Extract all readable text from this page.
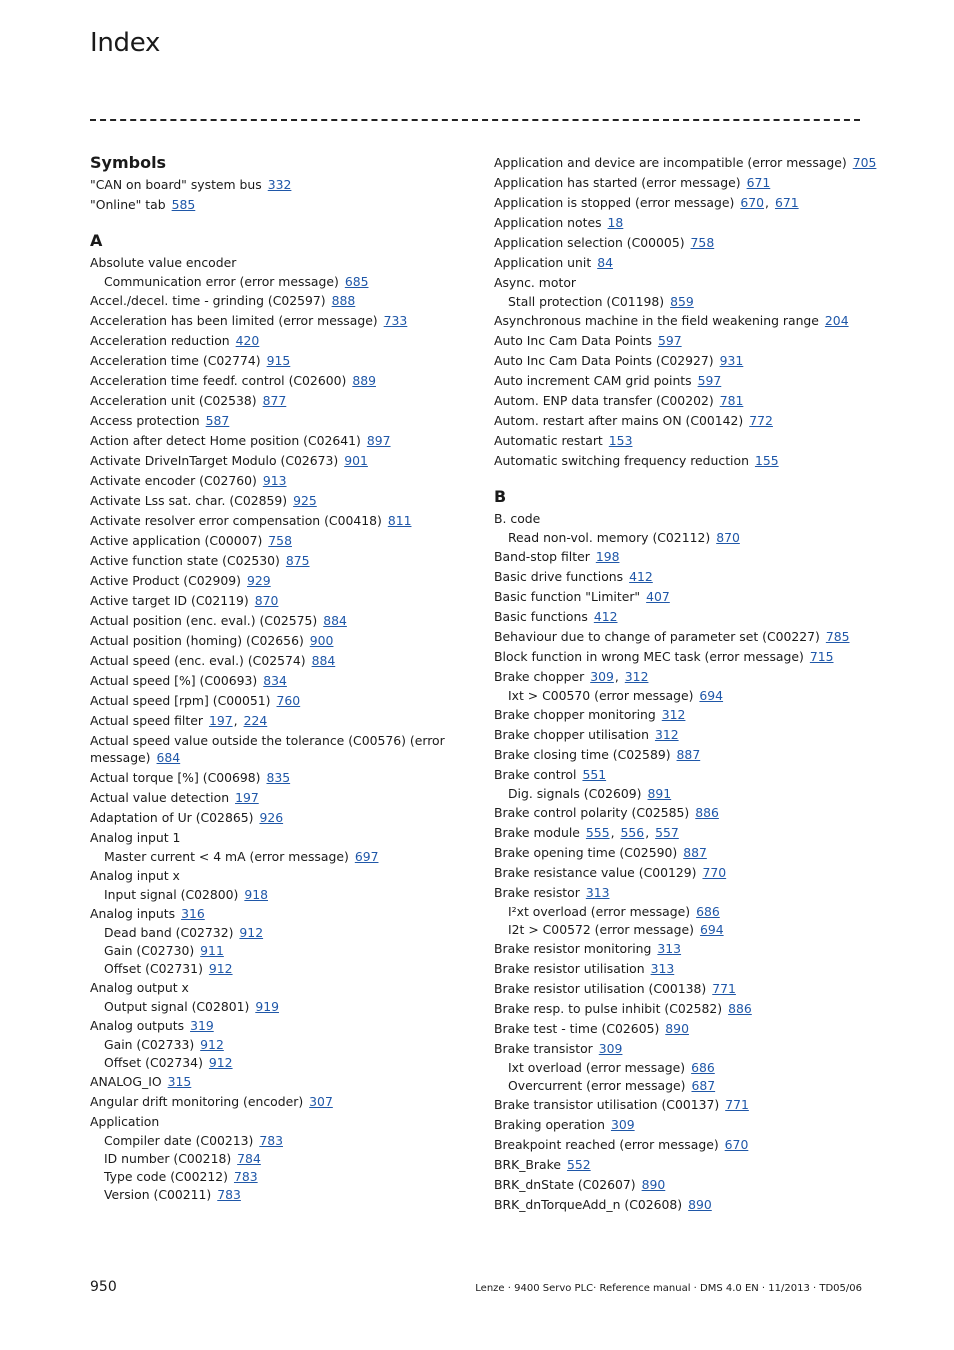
Index
Symbols
"CAN on board" system bus 332
"Online" tab 585
A
Absolute value encoder
Communication error (error message) 685
Accel./decel. time - grinding (C02597) 888
Acceleration has been limited (error message) 733
Acceleration reduction 420
Acceleration time (C02774) 915
Acceleration time feedf. control (C02600) 889
Acceleration unit (C02538) 877
Access protection 587
Action after detect Home position (C02641) 897
Activate DriveInTarget Modulo (C02673) 901
Activate encoder (C02760) 913
Activate Lss sat. char. (C02859) 925
Activate resolver error compensation (C00418) 811
Active application (C00007) 758
Active function state (C02530) 875
Active Product (C02909) 929
Active target ID (C02119) 870
Actual position (enc. eval.) (C02575) 884
Actual position (homing) (C02656) 900
Actual speed (enc. eval.) (C02574) 884
Actual speed [%] (C00693) 834
Actual speed [rpm] (C00051) 760
Actual speed filter 197, 224
Actual speed value outside the tolerance (C00576) (error message) 684
Actual torque [%] (C00698) 835
Actual value detection 197
Adaptation of Ur (C02865) 926
Analog input 1
Master current < 4 mA (error message) 697
Analog input x
Input signal (C02800) 918
Analog inputs 316
Dead band (C02732) 912
Gain (C02730) 911
Offset (C02731) 912
Analog output x
Output signal (C02801) 919
Analog outputs 319
Gain (C02733) 912
Offset (C02734) 912
ANALOG_IO 315
Angular drift monitoring (encoder) 307
Application
Compiler date (C00213) 783
ID number (C00218) 784
Type code (C00212) 783
Version (C00211) 783
Application and device are incompatible (error message) 705
Application has started (error message) 671
Application is stopped (error message) 670, 671
Application notes 18
Application selection (C00005) 758
Application unit 84
Async. motor
Stall protection (C01198) 859
Asynchronous machine in the field weakening range 204
Auto Inc Cam Data Points 597
Auto Inc Cam Data Points (C02927) 931
Auto increment CAM grid points 597
Autom. ENP data transfer (C00202) 781
Autom. restart after mains ON (C00142) 772
Automatic restart 153
Automatic switching frequency reduction 155
B
B. code
Read non-vol. memory (C02112) 870
Band-stop filter 198
Basic drive functions 412
Basic function "Limiter" 407
Basic functions 412
Behaviour due to change of parameter set (C00227) 785
Block function in wrong MEC task (error message) 715
Brake chopper 309, 312
Ixt > C00570 (error message) 694
Brake chopper monitoring 312
Brake chopper utilisation 312
Brake closing time (C02589) 887
Brake control 551
Dig. signals (C02609) 891
Brake control polarity (C02585) 886
Brake module 555, 556, 557
Brake opening time (C02590) 887
Brake resistance value (C00129) 770
Brake resistor 313
I²xt overload (error message) 686
I2t > C00572 (error message) 694
Brake resistor monitoring 313
Brake resistor utilisation 313
Brake resistor utilisation (C00138) 771
Brake resp. to pulse inhibit (C02582) 886
Brake test - time (C02605) 890
Brake transistor 309
Ixt overload (error message) 686
Overcurrent (error message) 687
Brake transistor utilisation (C00137) 771
Braking operation 309
Breakpoint reached (error message) 670
BRK_Brake 552
BRK_dnState (C02607) 890
BRK_dnTorqueAdd_n (C02608) 890
950	Lenze · 9400 Servo PLC· Reference manual · DMS 4.0 EN · 11/2013 · TD05/06
